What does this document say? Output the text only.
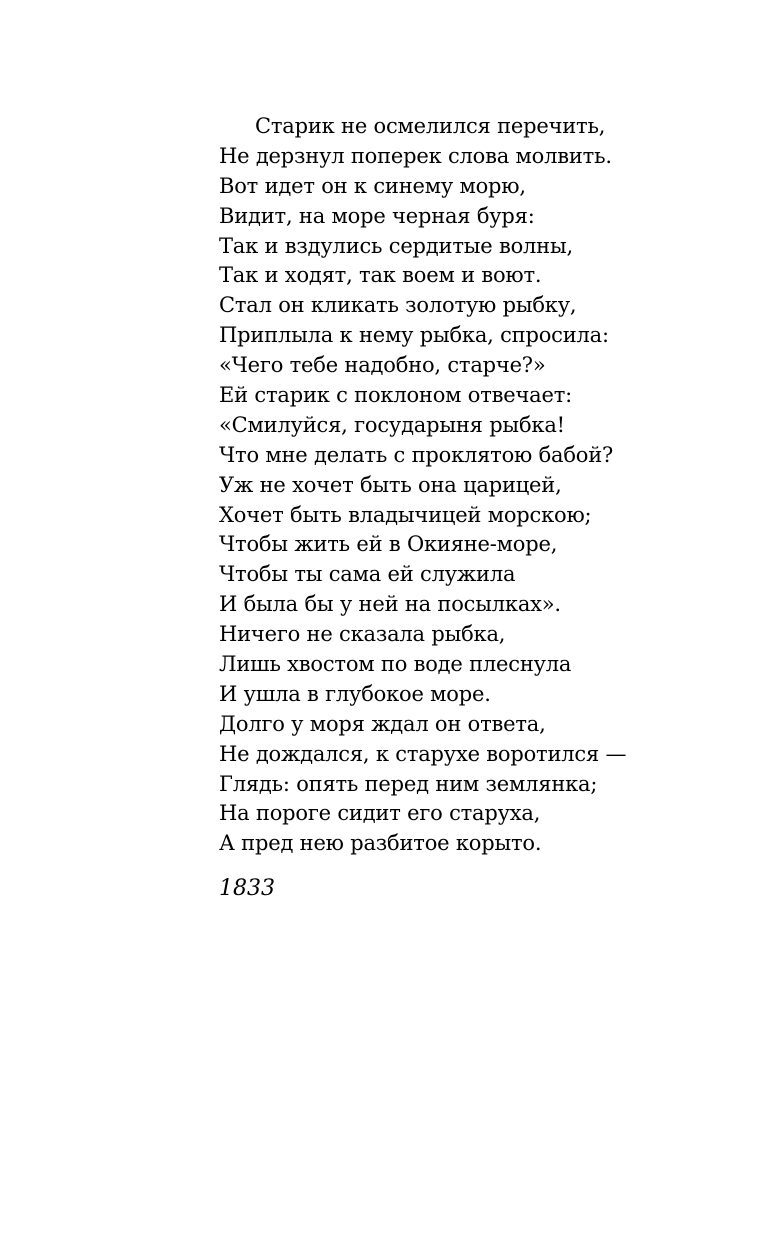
Старик не осмелился перечить,
Не дерзнул поперек слова молвить.
Вот идет он к синему морю,
Видит, на море черная буря:
Так и вздулись сердитые волны,
Так и ходят, так воем и воют.
Стал он кликать золотую рыбку,
Приплыла к нему рыбка, спросила:
«Чего тебе надобно, старче?»
Ей старик с поклоном отвечает:
«Смилуйся, государыня рыбка!
Что мне делать с проклятою бабой?
Уж не хочет быть она царицей,
Хочет быть владычицей морскою;
Чтобы жить ей в Окияне-море,
Чтобы ты сама ей служила
И была бы у ней на посылках».
Ничего не сказала рыбка,
Лишь хвостом по воде плеснула
И ушла в глубокое море.
Долго у моря ждал он ответа,
Не дождался, к старухе воротился —
Глядь: опять перед ним землянка;
На пороге сидит его старуха,
А пред нею разбитое корыто.
1833
